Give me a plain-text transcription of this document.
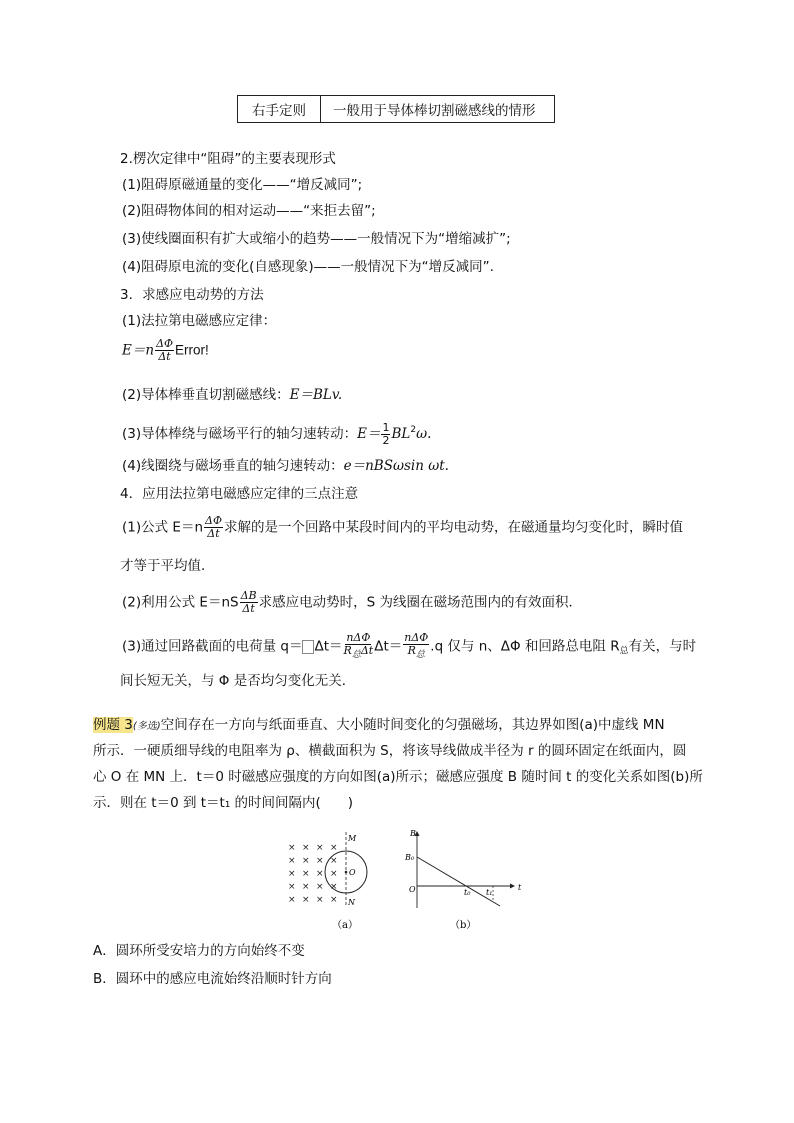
右手定则	一般用于导体棒切割磁感线的情形
2.楞次定律中“阻碍”的主要表现形式
(1)阻碍原磁通量的变化——“增反减同”;
(2)阻碍物体间的相对运动——“来拒去留”;
(3)使线圈面积有扩大或缩小的趋势——一般情况下为“增缩减扩”;
(4)阻碍原电流的变化(自感现象)——一般情况下为“增反减同”.
3．求感应电动势的方法
(1)法拉第电磁感应定律：
$E=n \frac{\Delta\Phi}{\Delta t}$ Error!
(2)导体棒垂直切割磁感线：E＝BLv.
(3)导体棒绕与磁场平行的轴匀速转动：$E= \frac{1}{2} BL^2\omega$.
(4)线圈绕与磁场垂直的轴匀速转动：e＝nBSωsin ωt.
4．应用法拉第电磁感应定律的三点注意
(1)公式 $E=n \frac{\Delta\Phi}{\Delta t}$ 求解的是一个回路中某段时间内的平均电动势，在磁通量均匀变化时，瞬时值
才等于平均值．
(2)利用公式 $E=nS \frac{\Delta B}{\Delta t}$ 求感应电动势时，S 为线圈在磁场范围内的有效面积．
(3)通过回路截面的电荷量 $q= \Delta t= \frac{\text{nΔΦ}}{R_总\Delta t} \Delta t= \frac{\text{nΔΦ}}{R_总} .q$ 仅与 n、ΔΦ 和回路总电阻 $R_总$有关，与时
间长短无关，与 Φ 是否均匀变化无关．
例题 3(多选)空间存在一方向与纸面垂直、大小随时间变化的匀强磁场，其边界如图(a)中虚线 MN
所示．一硬质细导线的电阻率为 ρ、横截面积为 S，将该导线做成半径为 r 的圆环固定在纸面内，圆
心 O 在 MN 上．t＝0 时磁感应强度的方向如图(a)所示；磁感应强度 B 随时间 t 的变化关系如图(b)所
示．则在 t＝0 到 t＝t₁ 的时间间隔内(　　)
× × × ×
× × × ×
× × × ×
× × × ×
× × × ×
M
N
O
（a）
B
t
O
B₀
t₀ t₁
（b）
A．圆环所受安培力的方向始终不变
B．圆环中的感应电流始终沿顺时针方向
